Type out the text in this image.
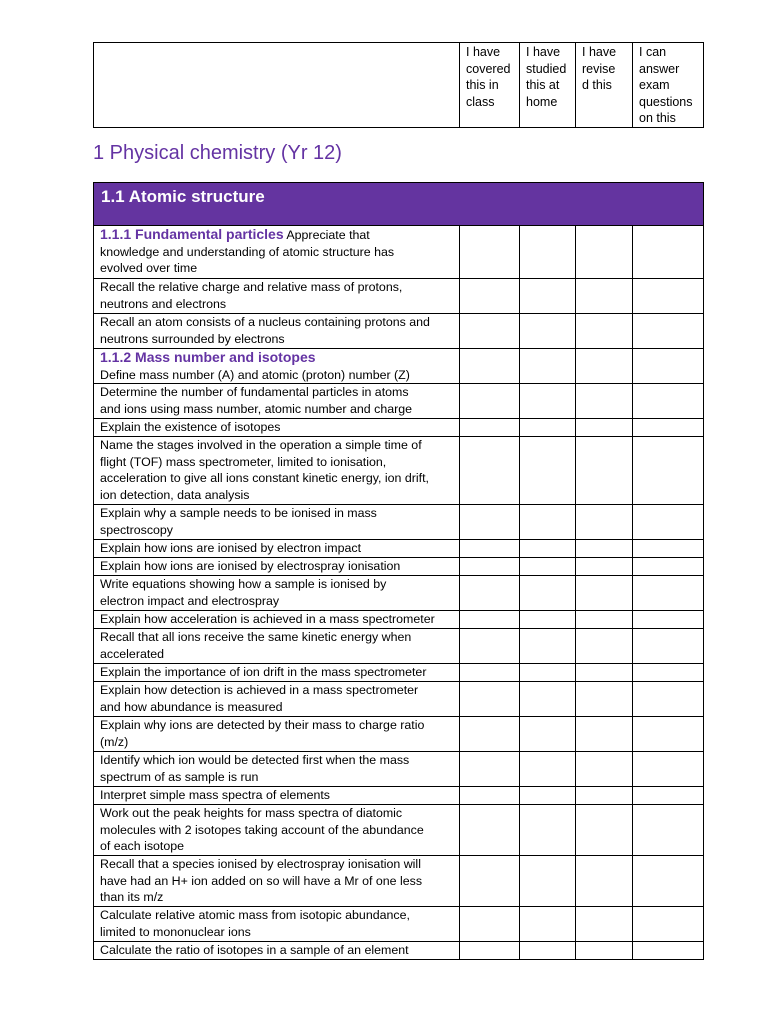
I have
covered
this in
class

I have
studied
this at
home

I have
revise
d this

I can
answer
exam
questions
on this
1 Physical chemistry (Yr 12)
1.1 Atomic structure				
1.1.1 Fundamental particles Appreciate that
knowledge and understanding of atomic structure has
evolved over time				

Recall the relative charge and relative mass of protons,
neutrons and electrons				

Recall an atom consists of a nucleus containing protons and
neutrons surrounded by electrons				

1.1.2 Mass number and isotopes
Define mass number (A) and atomic (proton) number (Z)				

Determine the number of fundamental particles in atoms
and ions using mass number, atomic number and charge				

Explain the existence of isotopes				

Name the stages involved in the operation a simple time of
flight (TOF) mass spectrometer, limited to ionisation,
acceleration to give all ions constant kinetic energy, ion drift,
ion detection, data analysis				

Explain why a sample needs to be ionised in mass
spectroscopy				

Explain how ions are ionised by electron impact				

Explain how ions are ionised by electrospray ionisation				

Write equations showing how a sample is ionised by
electron impact and electrospray				

Explain how acceleration is achieved in a mass spectrometer				

Recall that all ions receive the same kinetic energy when
accelerated				

Explain the importance of ion drift in the mass spectrometer				

Explain how detection is achieved in a mass spectrometer
and how abundance is measured				

Explain why ions are detected by their mass to charge ratio
(m/z)				

Identify which ion would be detected first when the mass
spectrum of as sample is run				

Interpret simple mass spectra of elements				

Work out the peak heights for mass spectra of diatomic
molecules with 2 isotopes taking account of the abundance
of each isotope				

Recall that a species ionised by electrospray ionisation will
have had an H+ ion added on so will have a Mr of one less
than its m/z				

Calculate relative atomic mass from isotopic abundance,
limited to mononuclear ions				

Calculate the ratio of isotopes in a sample of an element				
